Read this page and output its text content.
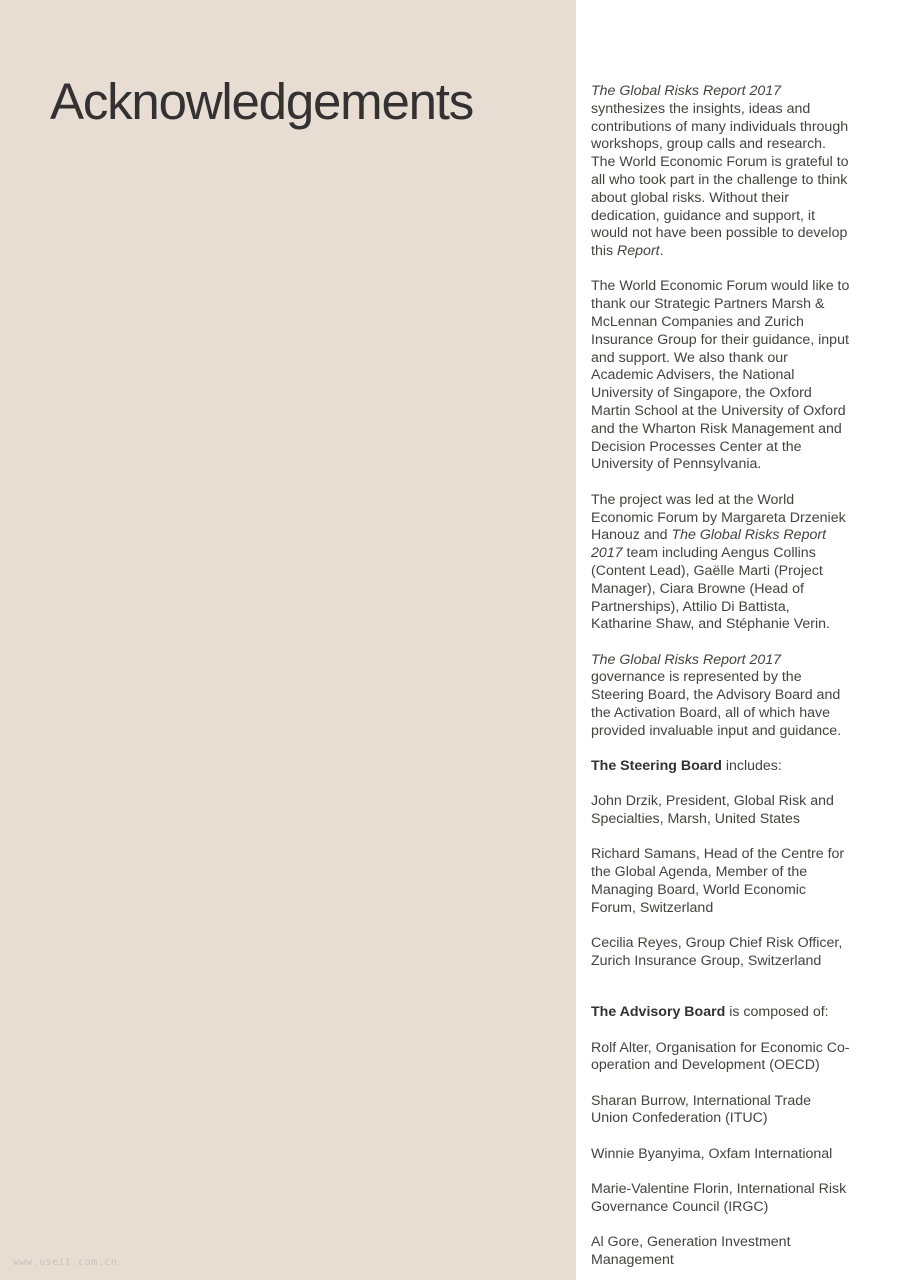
Acknowledgements
www.useit.com.cn

The Global Risks Report 2017 synthesizes the insights, ideas and contributions of many individuals through workshops, group calls and research. The World Economic Forum is grateful to all who took part in the challenge to think about global risks. Without their dedication, guidance and support, it would not have been possible to develop this Report.

The World Economic Forum would like to thank our Strategic Partners Marsh & McLennan Companies and Zurich Insurance Group for their guidance, input and support. We also thank our Academic Advisers, the National University of Singapore, the Oxford Martin School at the University of Oxford and the Wharton Risk Management and Decision Processes Center at the University of Pennsylvania.

The project was led at the World Economic Forum by Margareta Drzeniek Hanouz and The Global Risks Report 2017 team including Aengus Collins (Content Lead), Gaëlle Marti (Project Manager), Ciara Browne (Head of Partnerships), Attilio Di Battista, Katharine Shaw, and Stéphanie Verin.

The Global Risks Report 2017 governance is represented by the Steering Board, the Advisory Board and the Activation Board, all of which have provided invaluable input and guidance.

The Steering Board includes:

John Drzik, President, Global Risk and Specialties, Marsh, United States

Richard Samans, Head of the Centre for the Global Agenda, Member of the Managing Board, World Economic Forum, Switzerland

Cecilia Reyes, Group Chief Risk Officer, Zurich Insurance Group, Switzerland

The Advisory Board is composed of:

Rolf Alter, Organisation for Economic Co-operation and Development (OECD)

Sharan Burrow, International Trade Union Confederation (ITUC)

Winnie Byanyima, Oxfam International

Marie-Valentine Florin, International Risk Governance Council (IRGC)

Al Gore, Generation Investment Management
